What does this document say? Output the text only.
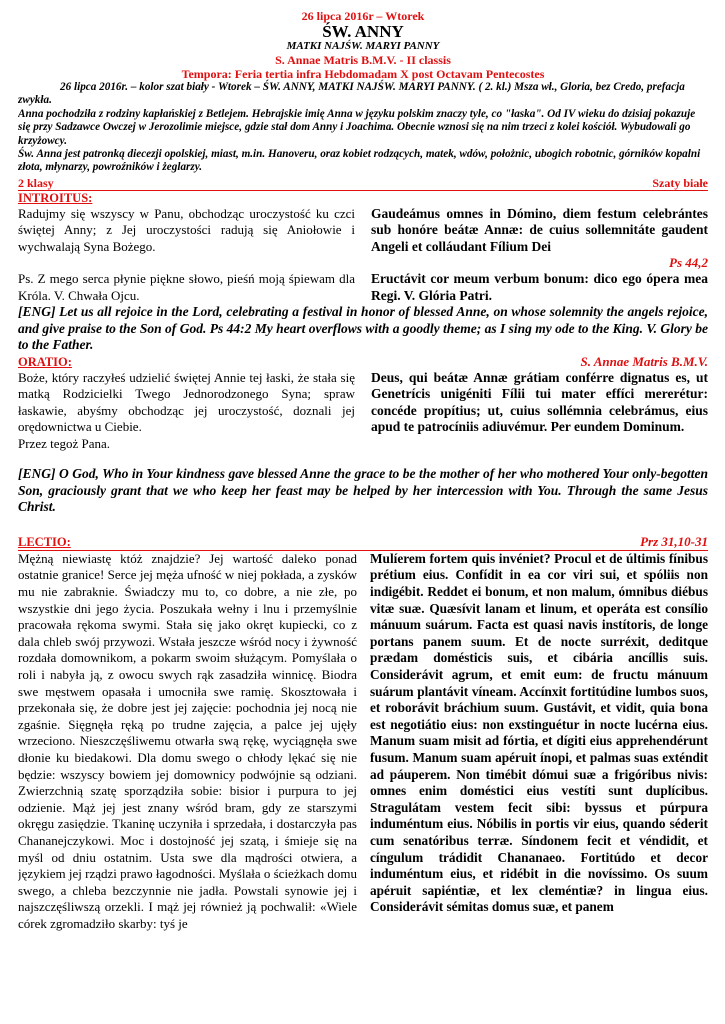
26 lipca 2016r – Wtorek
ŚW. ANNY
MATKI NAJŚW. MARYI PANNY
S. Annae Matris B.M.V. - II classis
Tempora: Feria tertia infra Hebdomadam X post Octavam Pentecostes

26 lipca 2016r. – kolor szat biały - Wtorek – ŚW. ANNY, MATKI NAJŚW. MARYI PANNY. ( 2. kl.) Msza wł., Gloria, bez Credo, prefacja zwykła.

Anna pochodziła z rodziny kapłańskiej z Betlejem. Hebrajskie imię Anna w języku polskim znaczy tyle, co "łaska". Od IV wieku do dzisiaj pokazuje się przy Sadzawce Owczej w Jerozolimie miejsce, gdzie stał dom Anny i Joachima. Obecnie wznosi się na nim trzeci z kolei kościół. Wybudowali go krzyżowcy.

Św. Anna jest patronką diecezji opolskiej, miast, m.in. Hanoveru, oraz kobiet rodzących, matek, wdów, położnic, ubogich robotnic, górników kopalni złota, młynarzy, powroźników i żeglarzy.

2 klasy	Szaty białe
INTROITUS:
Radujmy się wszyscy w Panu, obchodząc uroczystość ku czci świętej Anny; z Jej uroczystości radują się Aniołowie i wychwalają Syna Bożego.
Gaudeámus omnes in Dómino, diem festum celebrántes sub honóre beátæ Annæ: de cuius sollemnitáte gaudent Angeli et colláudant Fílium Dei
Ps 44,2
Ps. Z mego serca płynie piękne słowo, pieśń moją śpiewam dla Króla. V. Chwała Ojcu.
Eructávit cor meum verbum bonum: dico ego ópera mea Regi. V. Glória Patri.

[ENG] Let us all rejoice in the Lord, celebrating a festival in honor of blessed Anne, on whose solemnity the angels rejoice, and give praise to the Son of God. Ps 44:2 My heart overflows with a goodly theme; as I sing my ode to the King. V. Glory be to the Father.

ORATIO:	S. Annae Matris B.M.V.
Boże, który raczyłeś udzielić świętej Annie tej łaski, że stała się matką Rodzicielki Twego Jednorodzonego Syna; spraw łaskawie, abyśmy obchodząc jej uroczystość, doznali jej orędownictwa u Ciebie.
Przez tegoż Pana.
Deus, qui beátæ Annæ grátiam conférre dignatus es, ut Genetrícis unigéniti Fílii tui mater effíci mererétur: concéde propítius; ut, cuius sollémnia celebrámus, eius apud te patrocíniis adiuvémur. Per eundem Dominum.

[ENG] O God, Who in Your kindness gave blessed Anne the grace to be the mother of her who mothered Your only-begotten Son, graciously grant that we who keep her feast may be helped by her intercession with You. Through the same Jesus Christ.

LECTIO:	Prz 31,10-31
Mężną niewiastę któż znajdzie? Jej wartość daleko ponad ostatnie granice! Serce jej męża ufność w niej pokłada, a zysków mu nie zabraknie. Świadczy mu to, co dobre, a nie złe, po wszystkie dni jego życia. Poszukała wełny i lnu i przemyślnie pracowała rękoma swymi. Stała się jako okręt kupiecki, co z dala chleb swój przywozi. Wstała jeszcze wśród nocy i żywność rozdała domownikom, a pokarm swoim służącym. Pomyślała o roli i nabyła ją, z owocu swych rąk zasadziła winnicę. Biodra swe męstwem opasała i umocniła swe ramię. Skosztowała i przekonała się, że dobre jest jej zajęcie: pochodnia jej nocą nie zgaśnie. Sięgnęła ręką po trudne zajęcia, a palce jej ujęły wrzeciono. Nieszczęśliwemu otwarła swą rękę, wyciągnęła swe dłonie ku biedakowi. Dla domu swego o chłody lękać się nie będzie: wszyscy bowiem jej domownicy podwójnie są odziani. Zwierzchnią szatę sporządziła sobie: bisior i purpura to jej odzienie. Mąż jej jest znany wśród bram, gdy ze starszymi okręgu zasiędzie. Tkaninę uczyniła i sprzedała, i dostarczyła pas Chananejczykowi. Moc i dostojność jej szatą, i śmieje się na myśl od dniu ostatnim. Usta swe dla mądrości otwiera, a językiem jej rządzi prawo łagodności. Myślała o ścieżkach domu swego, a chleba bezczynnie nie jadła. Powstali synowie jej i najszczęśliwszą orzekli. I mąż jej również ją pochwalił: «Wiele córek zgromadziło skarby: tyś je
Mulíerem fortem quis invéniet? Procul et de últimis fínibus prétium eius. Confídit in ea cor viri sui, et spóliis non indigébit. Reddet ei bonum, et non malum, ómnibus diébus vitæ suæ. Quæsívit lanam et linum, et operáta est consílio mánuum suárum. Facta est quasi navis instítoris, de longe portans panem suum. Et de nocte surréxit, deditque prædam domésticis suis, et cibária ancíllis suis. Considerávit agrum, et emit eum: de fructu mánuum suárum plantávit víneam. Accínxit fortitúdine lumbos suos, et roborávit bráchium suum. Gustávit, et vidit, quia bona est negotiátio eius: non exstinguétur in nocte lucérna eius. Manum suam misit ad fórtia, et dígiti eius apprehendérunt fusum. Manum suam apéruit ínopi, et palmas suas exténdit ad páuperem. Non timébit dómui suæ a frigóribus nivis: omnes enim doméstici eius vestíti sunt duplícibus. Stragulátam vestem fecit sibi: byssus et púrpura induméntum eius. Nóbilis in portis vir eius, quando séderit cum senatóribus terræ. Síndonem fecit et véndidit, et cíngulum trádidit Chananaeo. Fortitúdo et decor induméntum eius, et ridébit in die novíssimo. Os suum apéruit sapiéntiæ, et lex cleméntiæ? in lingua eius. Considerávit sémitas domus suæ, et panem
